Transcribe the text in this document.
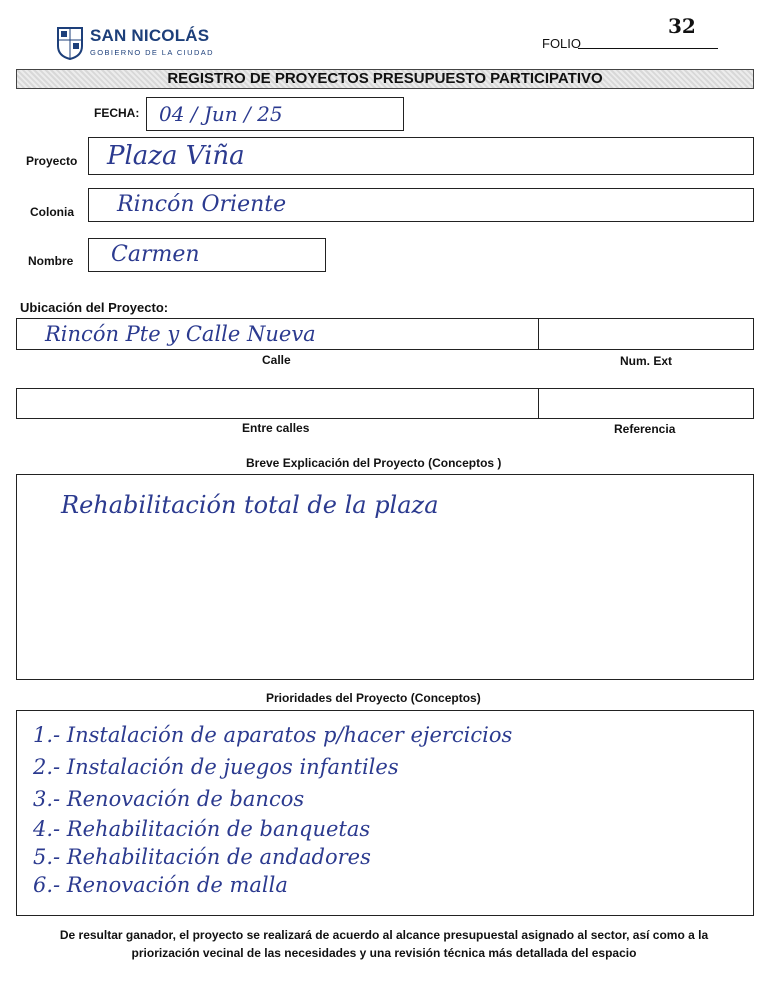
SAN NICOLÁS
GOBIERNO DE LA CIUDAD
FOLIO
32
REGISTRO DE PROYECTOS PRESUPUESTO PARTICIPATIVO
FECHA: 04 / Jun / 25
Proyecto Plaza Viña
Colonia Rincón Oriente
Nombre Carmen
Ubicación del Proyecto:
Rincón Pte y Calle Nueva
Calle	Num. Ext
Entre calles	Referencia
Breve Explicación del Proyecto (Conceptos )
Rehabilitación total de la plaza
Prioridades del Proyecto (Conceptos)
1.- Instalación de aparatos p/hacer ejercicios
2.- Instalación de juegos infantiles
3.- Renovación de bancos
4.- Rehabilitación de banquetas
5.- Rehabilitación de andadores
6.- Renovación de malla
De resultar ganador, el proyecto se realizará de acuerdo al alcance presupuestal asignado al sector, así como a la
priorización vecinal de las necesidades y una revisión técnica más detallada del espacio
